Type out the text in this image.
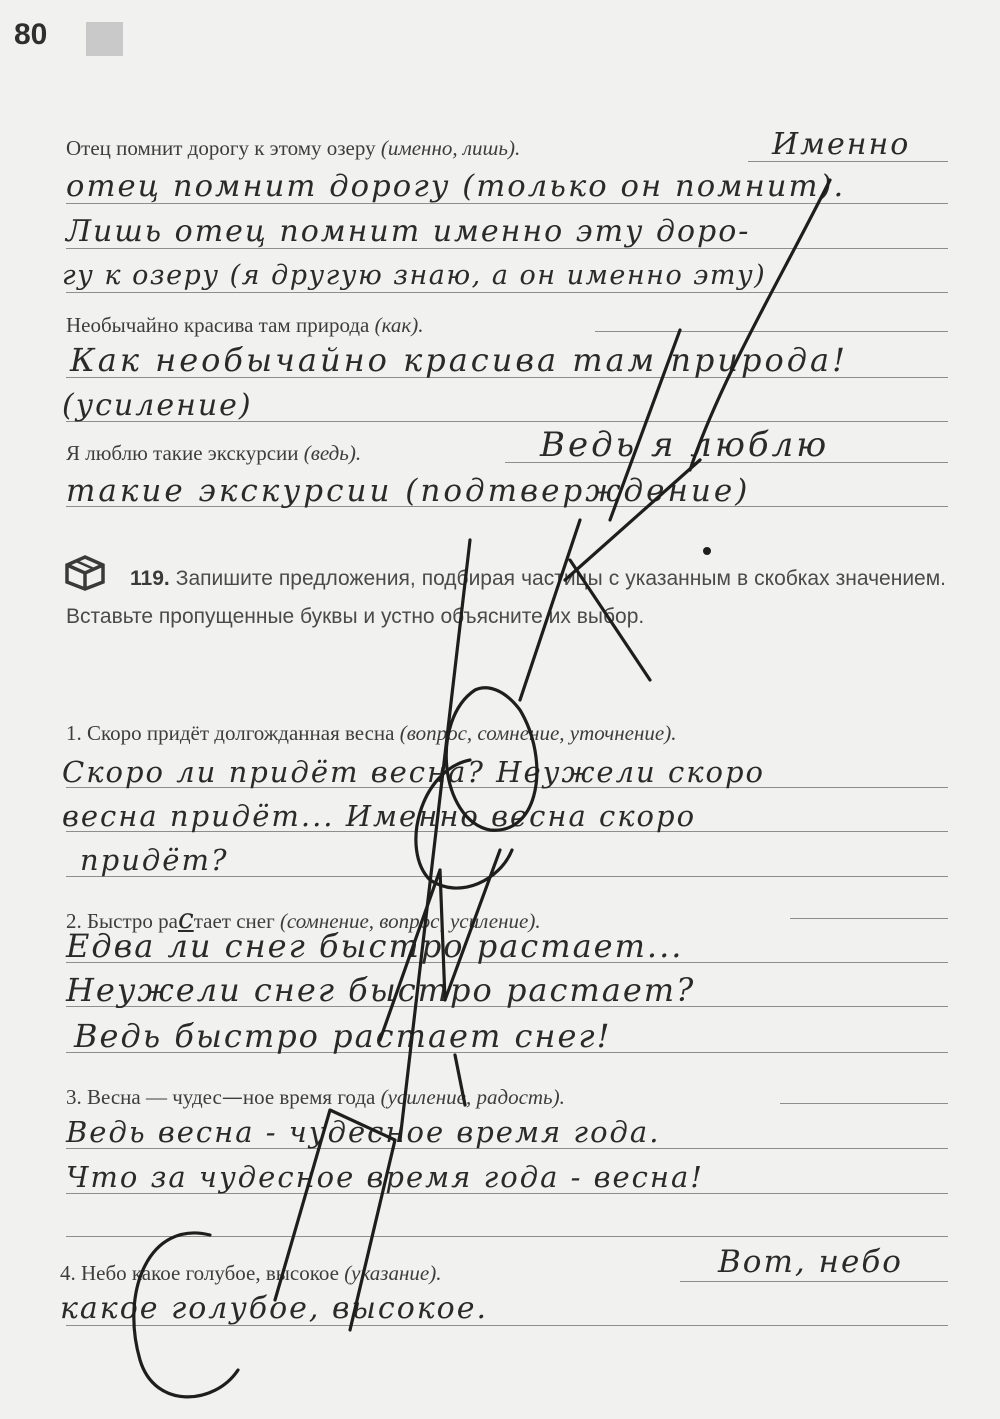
80
Отец помнит дорогу к этому озеру (именно, лишь).	Именно
отец помнит дорогу (только он помнит).
Лишь отец помнит именно эту доро-
гу к озеру (я другую знаю, а он именно эту)
Необычайно красива там природа (как).
Как необычайно красива там природа!
(усиление)
Я люблю такие экскурсии (ведь).	Ведь я люблю
такие экскурсии (подтверждение)
119. Запишите предложения, подбирая частицы с указанным в скобках значением. Вставьте пропущенные буквы и устно объясните их выбор.
1. Скоро придёт долгожданная весна (вопрос, сомнение, уточнение).
Скоро ли придёт весна? Неужели скоро
весна придёт... Именно весна скоро
придёт?
2. Быстро растает снег (сомнение, вопрос, усиление).
Едва ли снег быстро растает...
Неужели снег быстро растает?
Ведь быстро растает снег!
3. Весна — чудес—ное время года (усиление, радость).
Ведь весна - чудесное время года.
Что за чудесное время года - весна!
4. Небо какое голубое, высокое (указание).	Вот, небо
какое голубое, высокое.
